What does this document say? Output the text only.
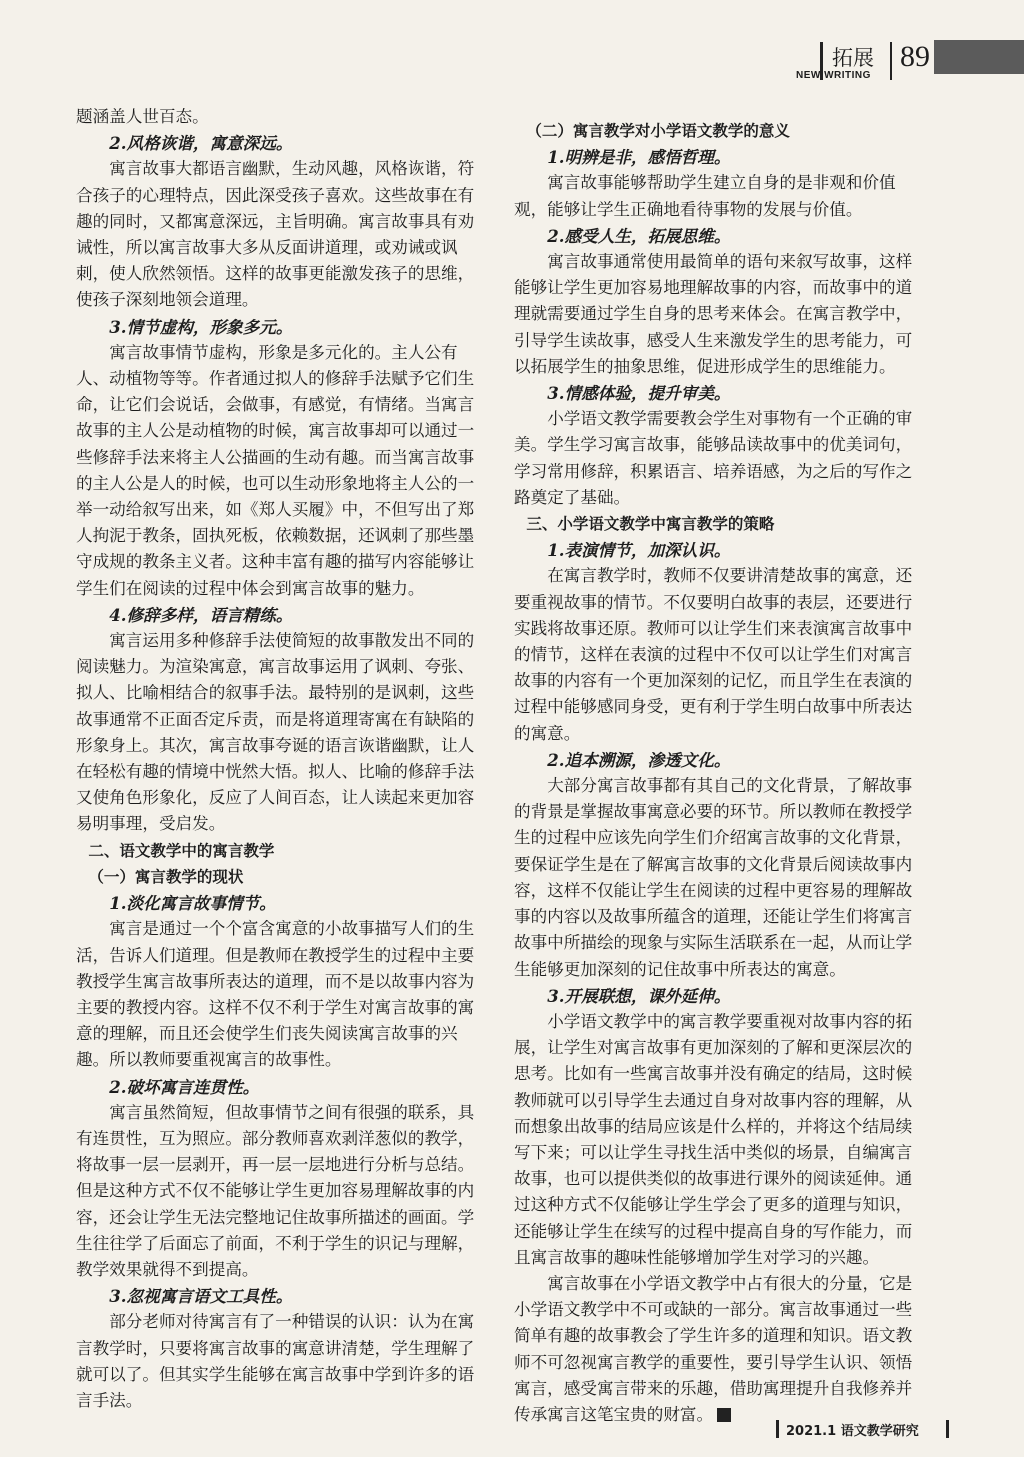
拓展
NEW WRITING
89

题涵盖人世百态。

2.风格诙谐，寓意深远。

寓言故事大都语言幽默，生动风趣，风格诙谐，符合孩子的心理特点，因此深受孩子喜欢。这些故事在有趣的同时，又都寓意深远，主旨明确。寓言故事具有劝诫性，所以寓言故事大多从反面讲道理，或劝诫或讽刺，使人欣然领悟。这样的故事更能激发孩子的思维，使孩子深刻地领会道理。

3.情节虚构，形象多元。

寓言故事情节虚构，形象是多元化的。主人公有人、动植物等等。作者通过拟人的修辞手法赋予它们生命，让它们会说话，会做事，有感觉，有情绪。当寓言故事的主人公是动植物的时候，寓言故事却可以通过一些修辞手法来将主人公描画的生动有趣。而当寓言故事的主人公是人的时候，也可以生动形象地将主人公的一举一动给叙写出来，如《郑人买履》中，不但写出了郑人拘泥于教条，固执死板，依赖数据，还讽刺了那些墨守成规的教条主义者。这种丰富有趣的描写内容能够让学生们在阅读的过程中体会到寓言故事的魅力。

4.修辞多样，语言精练。

寓言运用多种修辞手法使简短的故事散发出不同的阅读魅力。为渲染寓意，寓言故事运用了讽刺、夸张、拟人、比喻相结合的叙事手法。最特别的是讽刺，这些故事通常不正面否定斥责，而是将道理寄寓在有缺陷的形象身上。其次，寓言故事夸诞的语言诙谐幽默，让人在轻松有趣的情境中恍然大悟。拟人、比喻的修辞手法又使角色形象化，反应了人间百态，让人读起来更加容易明事理，受启发。

二、语文教学中的寓言教学

（一）寓言教学的现状

1.淡化寓言故事情节。

寓言是通过一个个富含寓意的小故事描写人们的生活，告诉人们道理。但是教师在教授学生的过程中主要教授学生寓言故事所表达的道理，而不是以故事内容为主要的教授内容。这样不仅不利于学生对寓言故事的寓意的理解，而且还会使学生们丧失阅读寓言故事的兴趣。所以教师要重视寓言的故事性。

2.破坏寓言连贯性。

寓言虽然简短，但故事情节之间有很强的联系，具有连贯性，互为照应。部分教师喜欢剥洋葱似的教学，将故事一层一层剥开，再一层一层地进行分析与总结。但是这种方式不仅不能够让学生更加容易理解故事的内容，还会让学生无法完整地记住故事所描述的画面。学生往往学了后面忘了前面，不利于学生的识记与理解，教学效果就得不到提高。

3.忽视寓言语文工具性。

部分老师对待寓言有了一种错误的认识：认为在寓言教学时，只要将寓言故事的寓意讲清楚，学生理解了就可以了。但其实学生能够在寓言故事中学到许多的语言手法。

（二）寓言教学对小学语文教学的意义

1.明辨是非，感悟哲理。

寓言故事能够帮助学生建立自身的是非观和价值观，能够让学生正确地看待事物的发展与价值。

2.感受人生，拓展思维。

寓言故事通常使用最简单的语句来叙写故事，这样能够让学生更加容易地理解故事的内容，而故事中的道理就需要通过学生自身的思考来体会。在寓言教学中，引导学生读故事，感受人生来激发学生的思考能力，可以拓展学生的抽象思维，促进形成学生的思维能力。

3.情感体验，提升审美。

小学语文教学需要教会学生对事物有一个正确的审美。学生学习寓言故事，能够品读故事中的优美词句，学习常用修辞，积累语言、培养语感，为之后的写作之路奠定了基础。

三、小学语文教学中寓言教学的策略

1.表演情节，加深认识。

在寓言教学时，教师不仅要讲清楚故事的寓意，还要重视故事的情节。不仅要明白故事的表层，还要进行实践将故事还原。教师可以让学生们来表演寓言故事中的情节，这样在表演的过程中不仅可以让学生们对寓言故事的内容有一个更加深刻的记忆，而且学生在表演的过程中能够感同身受，更有利于学生明白故事中所表达的寓意。

2.追本溯源，渗透文化。

大部分寓言故事都有其自己的文化背景，了解故事的背景是掌握故事寓意必要的环节。所以教师在教授学生的过程中应该先向学生们介绍寓言故事的文化背景，要保证学生是在了解寓言故事的文化背景后阅读故事内容，这样不仅能让学生在阅读的过程中更容易的理解故事的内容以及故事所蕴含的道理，还能让学生们将寓言故事中所描绘的现象与实际生活联系在一起，从而让学生能够更加深刻的记住故事中所表达的寓意。

3.开展联想，课外延伸。

小学语文教学中的寓言教学要重视对故事内容的拓展，让学生对寓言故事有更加深刻的了解和更深层次的思考。比如有一些寓言故事并没有确定的结局，这时候教师就可以引导学生去通过自身对故事内容的理解，从而想象出故事的结局应该是什么样的，并将这个结局续写下来；可以让学生寻找生活中类似的场景，自编寓言故事，也可以提供类似的故事进行课外的阅读延伸。通过这种方式不仅能够让学生学会了更多的道理与知识，还能够让学生在续写的过程中提高自身的写作能力，而且寓言故事的趣味性能够增加学生对学习的兴趣。

寓言故事在小学语文教学中占有很大的分量，它是小学语文教学中不可或缺的一部分。寓言故事通过一些简单有趣的故事教会了学生许多的道理和知识。语文教师不可忽视寓言教学的重要性，要引导学生认识、领悟寓言，感受寓言带来的乐趣，借助寓理提升自我修养并传承寓言这笔宝贵的财富。	»

2021.1 语文教学研究
